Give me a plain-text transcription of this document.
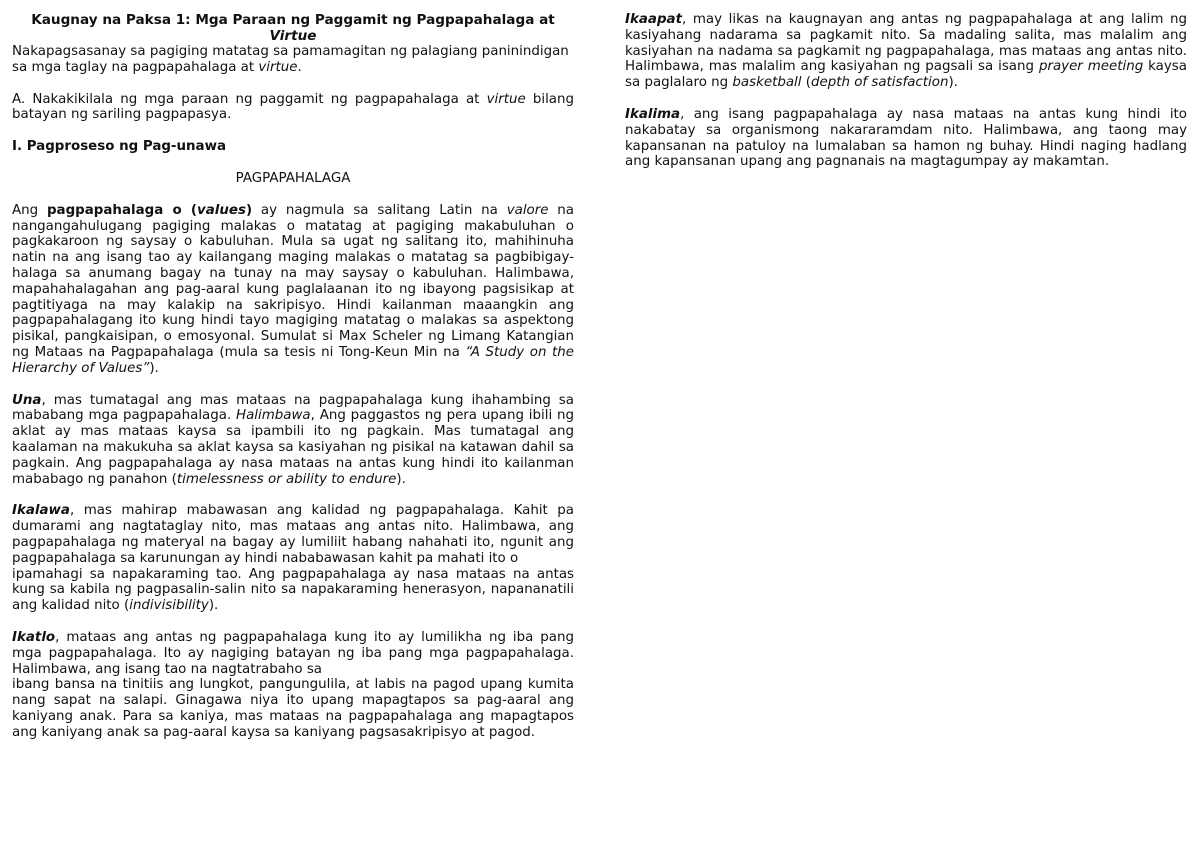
Kaugnay na Paksa 1: Mga Paraan ng Paggamit ng Pagpapahalaga at
Virtue

Nakapagsasanay sa pagiging matatag sa pamamagitan ng palagiang paninindigan sa mga taglay na pagpapahalaga at virtue.

A. Nakakikilala ng mga paraan ng paggamit ng pagpapahalaga at virtue bilang batayan ng sariling pagpapasya.

I. Pagproseso ng Pag-unawa

PAGPAPAHALAGA

Ang pagpapahalaga o (values) ay nagmula sa salitang Latin na valore na nangangahulugang pagiging malakas o matatag at pagiging makabuluhan o pagkakaroon ng saysay o kabuluhan. Mula sa ugat ng salitang ito, mahihinuha natin na ang isang tao ay kailangang maging malakas o matatag sa pagbibigay-halaga sa anumang bagay na tunay na may saysay o kabuluhan. Halimbawa, mapahahalagahan ang pag-aaral kung paglalaanan ito ng ibayong pagsisikap at pagtitiyaga na may kalakip na sakripisyo. Hindi kailanman maaangkin ang pagpapahalagang ito kung hindi tayo magiging matatag o malakas sa aspektong pisikal, pangkaisipan, o emosyonal. Sumulat si Max Scheler ng Limang Katangian ng Mataas na Pagpapahalaga (mula sa tesis ni Tong-Keun Min na “A Study on the Hierarchy of Values”).

Una, mas tumatagal ang mas mataas na pagpapahalaga kung ihahambing sa mababang mga pagpapahalaga. Halimbawa, Ang paggastos ng pera upang ibili ng aklat ay mas mataas kaysa sa ipambili ito ng pagkain. Mas tumatagal ang kaalaman na makukuha sa aklat kaysa sa kasiyahan ng pisikal na katawan dahil sa pagkain. Ang pagpapahalaga ay nasa mataas na antas kung hindi ito kailanman mababago ng panahon (timelessness or ability to endure).

Ikalawa, mas mahirap mabawasan ang kalidad ng pagpapahalaga. Kahit pa dumarami ang nagtataglay nito, mas mataas ang antas nito. Halimbawa, ang pagpapahalaga ng materyal na bagay ay lumiliit habang nahahati ito, ngunit ang pagpapahalaga sa karunungan ay hindi nababawasan kahit pa mahati ito o

ipamahagi sa napakaraming tao. Ang pagpapahalaga ay nasa mataas na antas kung sa kabila ng pagpasalin-salin nito sa napakaraming henerasyon, napananatili ang kalidad nito (indivisibility).

Ikatlo, mataas ang antas ng pagpapahalaga kung ito ay lumilikha ng iba pang mga pagpapahalaga. Ito ay nagiging batayan ng iba pang mga pagpapahalaga. Halimbawa, ang isang tao na nagtatrabaho sa

ibang bansa na tinitiis ang lungkot, pangungulila, at labis na pagod upang kumita nang sapat na salapi. Ginagawa niya ito upang mapagtapos sa pag-aaral ang kaniyang anak. Para sa kaniya, mas mataas na pagpapahalaga ang mapagtapos ang kaniyang anak sa pag-aaral kaysa sa kaniyang pagsasakripisyo at pagod.

Ikaapat, may likas na kaugnayan ang antas ng pagpapahalaga at ang lalim ng kasiyahang nadarama sa pagkamit nito. Sa madaling salita, mas malalim ang kasiyahan na nadama sa pagkamit ng pagpapahalaga, mas mataas ang antas nito. Halimbawa, mas malalim ang kasiyahan ng pagsali sa isang prayer meeting kaysa sa paglalaro ng basketball (depth of satisfaction).

Ikalima, ang isang pagpapahalaga ay nasa mataas na antas kung hindi ito nakabatay sa organismong nakararamdam nito. Halimbawa, ang taong may kapansanan na patuloy na lumalaban sa hamon ng buhay. Hindi naging hadlang ang kapansanan upang ang pagnanais na magtagumpay ay makamtan.
